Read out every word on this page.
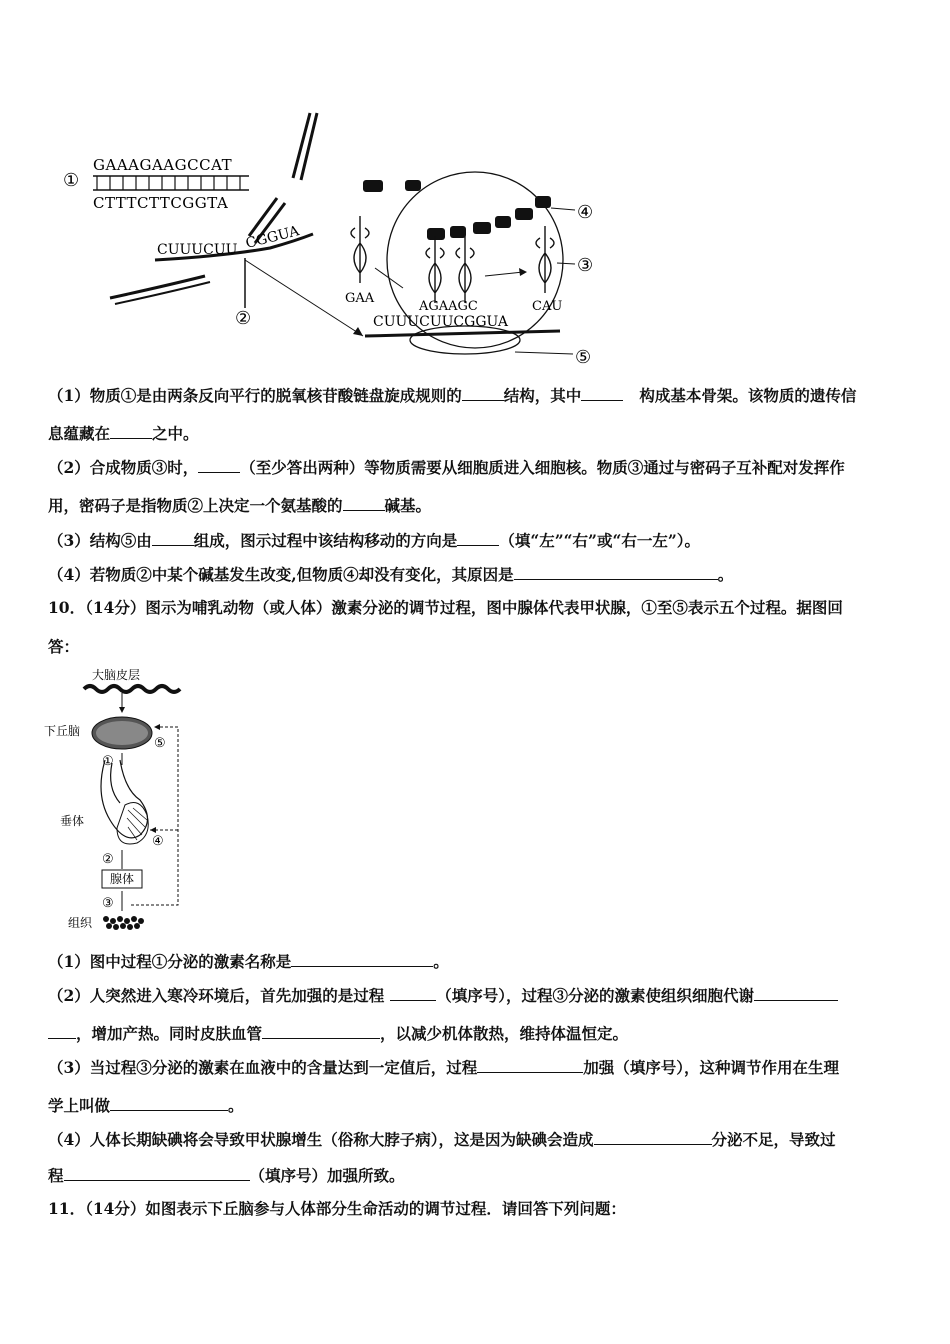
①
GAAAGAAGCCAT
CTTTCTTCGGTA
CUUUCUU CGGUA
②	CUUUCUUCGGUA
⑤
④
③
GAA
AGAAGC	CAU
（1）物质①是由两条反向平行的脱氧核苷酸链盘旋成规则的	结构，其中	构成基本骨架。该物质的遗传信
息蕴藏在	之中。
（2）合成物质③时，	（至少答出两种）等物质需要从细胞质进入细胞核。物质③通过与密码子互补配对发挥作
用，密码子是指物质②上决定一个氨基酸的	碱基。
（3）结构⑤由	组成，图示过程中该结构移动的方向是	（填“左”“右”或“右一左”）。
（4）若物质②中某个碱基发生改变,但物质④却没有变化，其原因是	。
10．（14分）图示为哺乳动物（或人体）激素分泌的调节过程，图中腺体代表甲状腺，①至⑤表示五个过程。据图回
答：
大脑皮层
下丘脑
⑤
①
垂体
④
②
腺体
③
组织
（1）图中过程①分泌的激素名称是	。
（2）人突然进入寒冷环境后，首先加强的是过程	（填序号），过程③分泌的激素使组织细胞代谢
，增加产热。同时皮肤血管	，以减少机体散热，维持体温恒定。
（3）当过程③分泌的激素在血液中的含量达到一定值后，过程	加强（填序号），这种调节作用在生理
学上叫做	。
（4）人体长期缺碘将会导致甲状腺增生（俗称大脖子病），这是因为缺碘会造成	分泌不足，导致过
程	（填序号）加强所致。
11．（14分）如图表示下丘脑参与人体部分生命活动的调节过程．请回答下列问题：
